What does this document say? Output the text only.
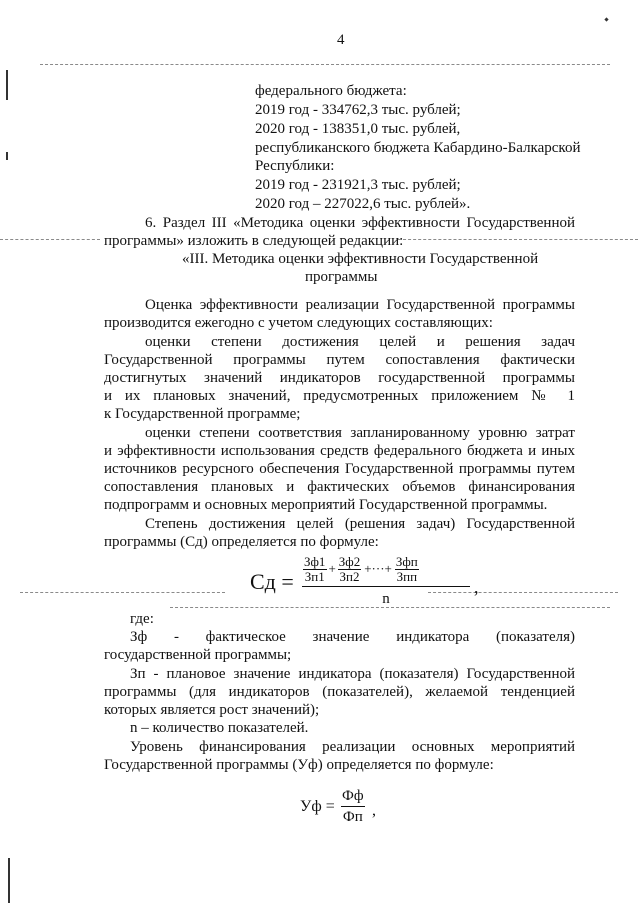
4
федерального бюджета:
2019 год - 334762,3 тыс. рублей;
2020 год - 138351,0 тыс. рублей,
республиканского бюджета Кабардино-Балкарской
Республики:
2019 год - 231921,3 тыс. рублей;
2020 год – 227022,6 тыс. рублей».
6. Раздел III «Методика оценки эффективности Государственной
программы» изложить в следующей редакции:
«III. Методика оценки эффективности Государственной
программы
Оценка эффективности реализации Государственной программы
производится ежегодно с учетом следующих составляющих:
оценки степени достижения целей и решения задач
Государственной программы путем сопоставления фактически
достигнутых значений индикаторов государственной программы
и их плановых значений, предусмотренных приложением № 1
к Государственной программе;
оценки степени соответствия запланированному уровню затрат
и эффективности использования средств федерального бюджета и иных
источников ресурсного обеспечения Государственной программы путем
сопоставления плановых и фактических объемов финансирования
подпрограмм и основных мероприятий Государственной программы.
Степень достижения целей (решения задач) Государственной
программы (Сд) определяется по формуле:
Сд = $\frac{Зф1}{Зп1} + \frac{Зф2}{Зп2}$ +···+ $\frac{\text{Зфп}}{\text{Зпп}}$
n
,
где:
Зф - фактическое значение индикатора (показателя)
государственной программы;
Зп - плановое значение индикатора (показателя) Государственной
программы (для индикаторов (показателей), желаемой тенденцией
которых является рост значений);
n – количество показателей.
Уровень финансирования реализации основных мероприятий
Государственной программы (Уф) определяется по формуле:
Уф =
Фф
Фп ,
